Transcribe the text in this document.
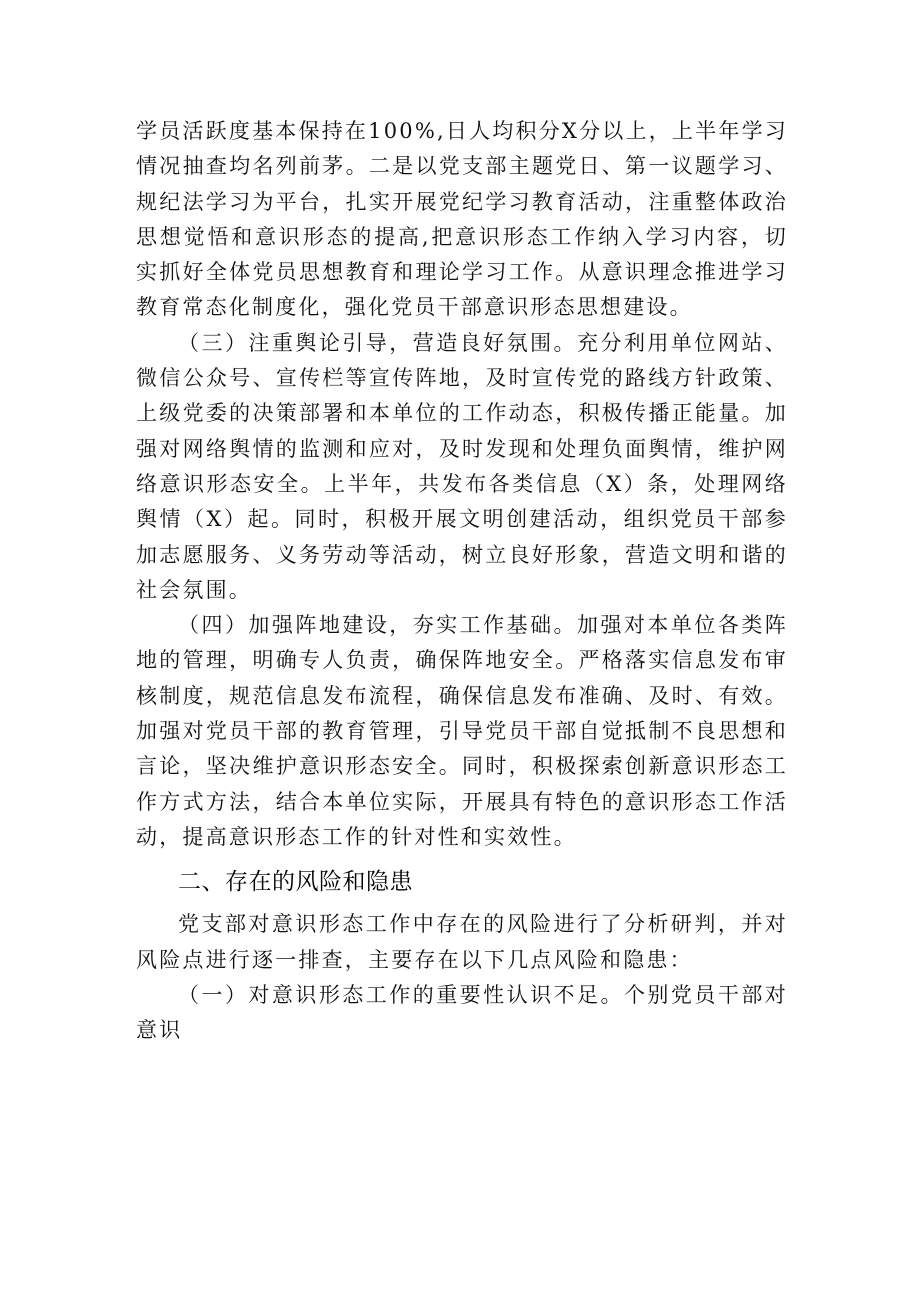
学员活跃度基本保持在100%,日人均积分X分以上，上半年学习情况抽查均名列前茅。二是以党支部主题党日、第一议题学习、规纪法学习为平台，扎实开展党纪学习教育活动，注重整体政治思想觉悟和意识形态的提高,把意识形态工作纳入学习内容，切实抓好全体党员思想教育和理论学习工作。从意识理念推进学习教育常态化制度化，强化党员干部意识形态思想建设。

（三）注重舆论引导，营造良好氛围。充分利用单位网站、微信公众号、宣传栏等宣传阵地，及时宣传党的路线方针政策、上级党委的决策部署和本单位的工作动态，积极传播正能量。加强对网络舆情的监测和应对，及时发现和处理负面舆情，维护网络意识形态安全。上半年，共发布各类信息（X）条，处理网络舆情（X）起。同时，积极开展文明创建活动，组织党员干部参加志愿服务、义务劳动等活动，树立良好形象，营造文明和谐的社会氛围。

（四）加强阵地建设，夯实工作基础。加强对本单位各类阵地的管理，明确专人负责，确保阵地安全。严格落实信息发布审核制度，规范信息发布流程，确保信息发布准确、及时、有效。加强对党员干部的教育管理，引导党员干部自觉抵制不良思想和言论，坚决维护意识形态安全。同时，积极探索创新意识形态工作方式方法，结合本单位实际，开展具有特色的意识形态工作活动，提高意识形态工作的针对性和实效性。

二、存在的风险和隐患

党支部对意识形态工作中存在的风险进行了分析研判，并对风险点进行逐一排查，主要存在以下几点风险和隐患：

（一）对意识形态工作的重要性认识不足。个别党员干部对意识
